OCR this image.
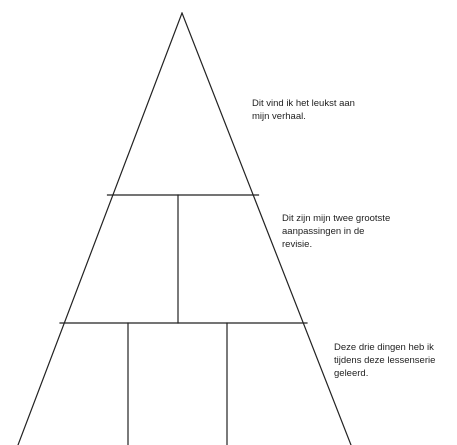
Dit vind ik het leukst aan
mijn verhaal.

Dit zijn mijn twee grootste
aanpassingen in de
revisie.

Deze drie dingen heb ik
tijdens deze lessenserie
geleerd.
